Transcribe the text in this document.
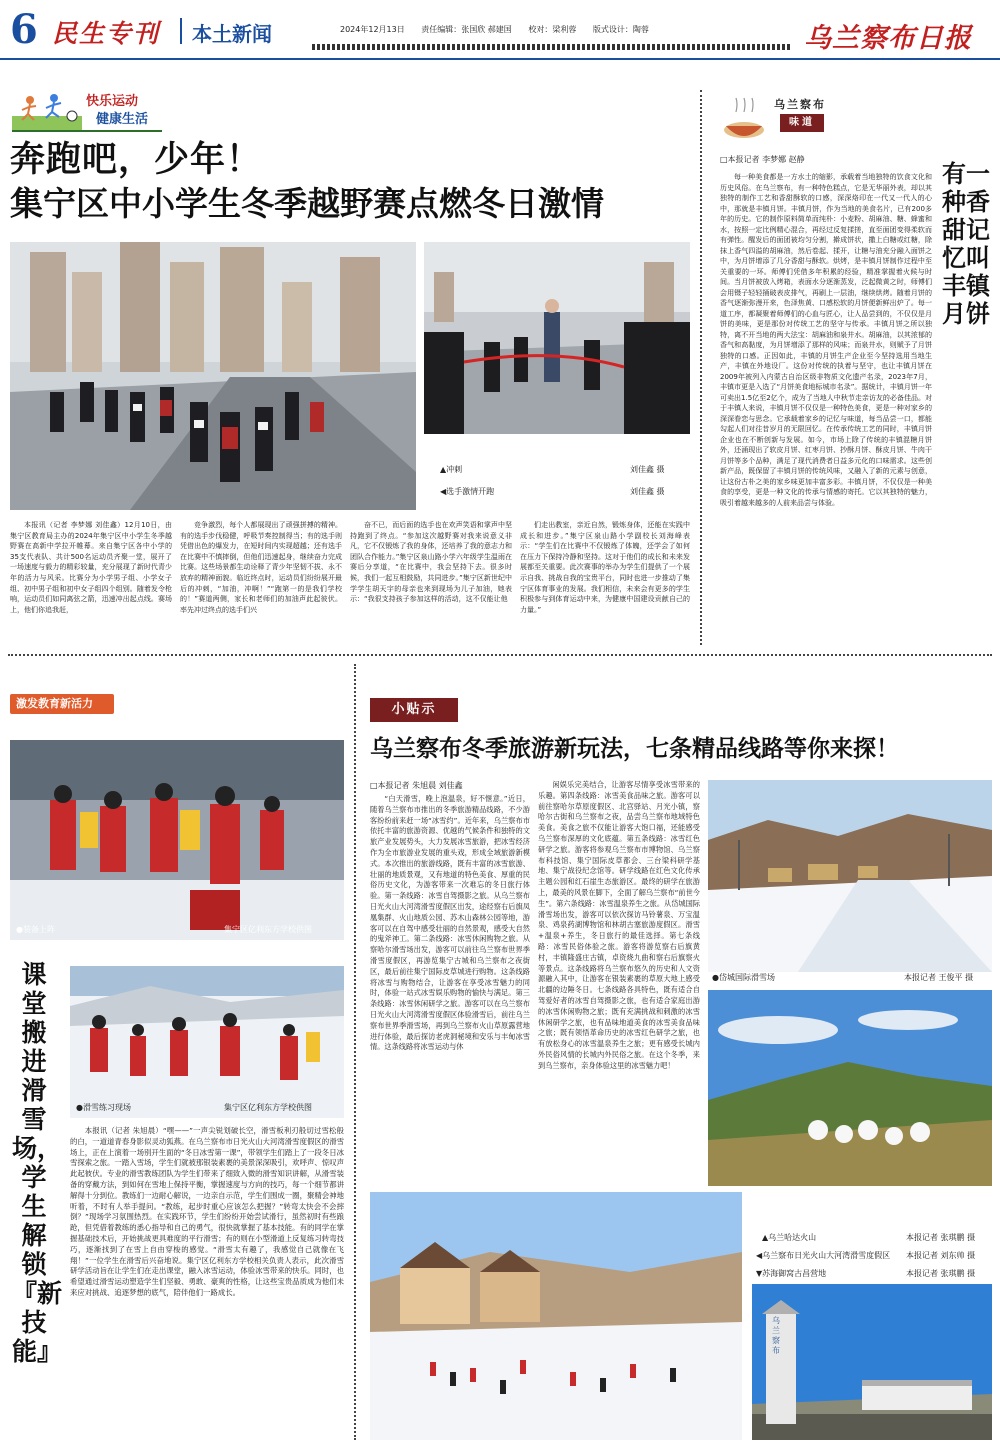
6 民生专刊 本土新闻	2024年12月13日 责任编辑：张国欣 郝建国 校对：梁利蓉 版式设计：陶蓉	乌兰察布日报
快乐运动
健康生活
奔跑吧，少年！
集宁区中小学生冬季越野赛点燃冬日激情
▲冲刺	刘佳鑫 摄
◀选手激情开跑	刘佳鑫 摄

本报讯（记者 李梦娜 刘佳鑫）12月10日，由集宁区教育局主办的2024年集宁区中小学生冬季越野赛在高新中学拉开帷幕。来自集宁区各中小学的35支代表队、共计500名运动员齐聚一堂，展开了一场速度与毅力的精彩较量，充分展现了新时代青少年的活力与风采。比赛分为小学男子组、小学女子组、初中男子组和初中女子组四个组别。随着发令枪响，运动员们如同离弦之箭，迅速冲出起点线。赛场上，他们你追我赶，

竞争激烈，每个人都展现出了顽强拼搏的精神。有的选手步伐稳健，呼吸节奏控制得当；有的选手则凭借出色的爆发力，在短时间内实现超越；还有选手在比赛中不慎摔倒，但他们迅速起身，继续奋力完成比赛。这些场景都生动诠释了青少年坚韧不拔、永不放弃的精神面貌。临近终点时，运动员们纷纷展开最后的冲刺，“加油，冲啊！”“跑第一的是我们学校的！”赛道两侧，家长和老师们的加油声此起彼伏。率先冲过终点的选手们兴

奋不已，而后面的选手也在欢声笑语和掌声中坚持跑到了终点。“参加这次越野赛对我来说意义非凡，它不仅锻炼了我的身体，还培养了我的意志力和团队合作能力。”集宁区泉山路小学六年级学生温雨在赛后分享道，“在比赛中，我会坚持下去。很多时候，我们一起互相鼓励，共同进步。”集宁区新世纪中学学生胡天宇的母亲也来到现场为儿子加油，她表示：“我很支持孩子参加这样的活动，这不仅能让他

们走出教室，亲近自然，锻炼身体，还能在实践中成长和进步。”集宁区泉山路小学副校长刘海峰表示：“学生们在比赛中不仅锻炼了体魄，还学会了如何在压力下保持冷静和坚持。这对于他们的成长和未来发展都至关重要。此次赛事的举办为学生们提供了一个展示自我、挑战自我的宝贵平台，同时也进一步推动了集宁区体育事业的发展。我们相信，未来会有更多的学生积极参与到体育运动中来，为健康中国建设贡献自己的力量。”

乌兰察布
味道
□本报记者 李梦娜 赵静

每一种美食都是一方水土的缩影，承载着当地独特的饮食文化和历史风俗。在乌兰察布，有一种特色糕点，它是无华丽外表，却以其独特的制作工艺和香甜酥软的口感，深深烙印在一代又一代人的心中，那就是丰镇月饼。丰镇月饼，作为当地的美食名片，已有200多年的历史。它的制作原料简单而纯朴：小麦粉、胡麻油、糖、蜂蜜和水，按照一定比例精心混合，再经过反复揉搓，直至面团变得柔软而有弹性。醒发后的面团被均匀分割，擀成饼状，撒上白糖或红糖，除抹上香气四溢的胡麻油，然后卷起、揉开，让糖与油充分融入面饼之中，为月饼增添了几分香甜与酥软。烘烤，是丰镇月饼制作过程中至关重要的一环。师傅们凭借多年积累的经验，精准掌握着火候与时间。当月饼被放入烤箱，表面水分逐渐蒸发，泛起微黄之时，师傅们会用镊子轻轻捅破表皮排气，再刷上一层油，继续烘烤。随着月饼的香气逐渐弥漫开来，色泽焦黄、口感松软的月饼便新鲜出炉了。每一道工序，都凝聚着师傅们的心血与匠心，让人品尝到的，不仅仅是月饼的美味，更是那份对传统工艺的坚守与传承。丰镇月饼之所以独特，离不开当地的两大法宝：胡麻油和泉井水。胡麻油，以其浓郁的香气和高黏度，为月饼增添了那样的风味；而泉井水，则赋予了月饼独特的口感。正因如此，丰镇的月饼生产企业至今坚持选用当地生产，丰镇在外地设厂。这份对传统的执着与坚守，也让丰镇月饼在2009年被列入内蒙古自治区级非物质文化遗产名录，2023年7月，丰镇市更是入选了“月饼美食地标城市名录”。据统计，丰镇月饼一年可卖出1.5亿至2亿个，成为了当地人中秋节走亲访友的必备佳品。对于丰镇人来说，丰镇月饼不仅仅是一种特色美食，更是一种对家乡的深深眷恋与思念。它承载着家乡的记忆与味道，每当品尝一口，都能勾起人们对往昔岁月的无限回忆。在传承传统工艺的同时，丰镇月饼企业也在不断创新与发展。如今，市场上除了传统的丰镇混糖月饼外，还涌现出了软皮月饼、红枣月饼、抄酥月饼、酥皮月饼、牛肉干月饼等多个品种，满足了现代消费者日益多元化的口味需求。这些创新产品，既保留了丰镇月饼的传统风味，又融入了新的元素与创意，让这份古朴之美的家乡味更加丰富多彩。丰镇月饼，不仅仅是一种美食的享受，更是一种文化的传承与情感的寄托。它以其独特的魅力，吸引着越来越多的人前来品尝与体验。

有一种香甜记忆叫丰镇月饼
激发教育新活力
●装备上阵	集宁区亿利东方学校供图
课堂搬进滑雪场，学生解锁『新技能』
●滑雪练习现场	集宁区亿利东方学校供图

本报讯（记者 朱旭晨）“嘿——”一声尖锐划破长空，滑雪板利刃般切过雪松般的白，一道道青春身影似灵动狐燕。在乌兰察布市日光火山大河湾滑雪度假区的滑雪场上，正在上演着一场别开生面的“冬日冰雪第一课”，带领学生们踏上了一段冬日冰雪探索之旅。一踏入雪场，学生们就被那银装素裹的美景深深吸引，欢呼声、惊叹声此起彼伏。专业的滑雪教练团队为学生们带来了细致入微的滑雪知识讲解，从滑雪装备的穿戴方法，到如何在雪地上保持平衡，掌握速度与方向的技巧，每一个细节都讲解得十分到位。教练们一边耐心解说，一边亲自示范，学生们围成一圈，聚精会神地听着，不时有人举手提问。“教练，起步时重心应该怎么把握？”转弯太快会不会摔倒？”现场学习氛围热烈。在实践环节，学生们纷纷开始尝试滑行，虽然初时有些踉跄，但凭借着教练的悉心指导和自己的勇气，很快就掌握了基本技能。有的同学在掌握基础技术后，开始挑战更具难度的平行滑雪；有的则在小型滑道上反复练习转弯技巧，逐渐找到了在雪上自由穿梭的感觉。“滑雪太有趣了，我感觉自己就像在飞翔！”一位学生在滑雪后兴奋地说。集宁区亿利东方学校相关负责人表示，此次滑雪研学活动旨在让学生们在走出课堂，融入冰雪运动，体验冰雪带来的快乐。同时，也希望通过滑雪运动塑造学生们坚毅、勇敢、豪爽的性格，让这些宝贵品质成为他们未来应对挑战、追逐梦想的底气，陪伴他们一路成长。

小贴示
乌兰察布冬季旅游新玩法，七条精品线路等你来探！
□本报记者 朱旭晨 刘佳鑫

“白天滑雪，晚上泡温泉，好不惬意。”近日，随着乌兰察布市推出的冬季旅游精品线路，不少游客纷纷前来赶一场“冰雪约”。近年来，乌兰察布市依托丰富的旅游资源、优越的气候条件和独特的文旅产业发展势头，大力发展冰雪旅游，把冰雪经济作为全市旅游业发展的重头戏，形成全域旅游新模式。本次推出的旅游线路，既有丰富的冰雪旅游、壮丽的地质景观，又有地道的特色美食、厚重的民俗历史文化，为游客带来一次难忘的冬日旅行体验。第一条线路：冰雪自驾摄影之旅。从乌兰察布日光火山大河湾滑雪度假区出发，途经察右后旗凤凰集群、火山地质公园、苏木山森林公园等地，游客可以在自驾中感受壮丽的自然景观，感受大自然的鬼斧神工。第二条线路：冰雪休闲购物之旅。从察哈尔滑雪场出发，游客可以前往乌兰察布世界季滑雪度假区，再游览集宁古城和乌兰察布之夜街区，最后前往集宁国际皮草城进行购物。这条线路将冰雪与购物结合，让游客在享受冰雪魅力的同时，体验一站式冰雪娱乐购物的愉快与满足。第三条线路：冰雪休闲研学之旅。游客可以在乌兰察布日光火山大河湾滑雪度假区体验滑雪后，前往乌兰察布世界季滑雪场，再到乌兰察布火山草原露营地进行体验，最后探访老虎洞秘境和安乐与丰甸冰雪情。这条线路将冰雪运动与休

闲娱乐完美结合，让游客尽情享受冰雪带来的乐趣。第四条线路：冰雪美食品味之旅。游客可以前往察哈尔草原度假区、北宫驿站、月光小镇，察哈尔古街和乌兰察布之夜，品尝乌兰察布地域特色美食。美食之旅不仅能让游客大饱口福，还能感受乌兰察布深厚的文化底蕴。第五条线路：冰雪红色研学之旅。游客将参观乌兰察布市博物馆、乌兰察布科技馆、集宁国际皮草都会、三台梁科研学基地、集宁战役纪念馆等。研学线路在红色文化传承主题公园和红石崖生态旅游区。最终的研学在旅游上，最美的风景在脚下，全面了解乌兰察布“前世今生”。第六条线路：冰雪温泉养生之旅。从岱城国际滑雪场出发，游客可以依次探访马铃薯泉、万宝温泉、鸡泉药湖博物馆和林胡古塞旅游度假区。滑雪+温泉+养生，冬日旅行的最佳选择。第七条线路：冰雪民俗体验之旅。游客将游览察右后旗黄村，丰镇隆盛庄古镇，卓资烧九曲和察右后旗察火等景点。这条线路将乌兰察布悠久的历史和人文资源融入其中，让游客在银装素裹的草原大地上感受北疆的边陲冬日。七条线路各具特色，既有适合自驾爱好者的冰雪自驾摄影之旅，也有适合家庭出游的冰雪休闲购物之旅；既有充满挑战和刺激的冰雪休闲研学之旅，也有品味地道美食的冰雪美食品味之旅；既有领悟革命历史的冰雪红色研学之旅，也有放松身心的冰雪温泉养生之旅；更有感受长城内外民俗风情的长城内外民俗之旅。在这个冬季，来到乌兰察布，亲身体验这里的冰雪魅力吧！

●岱城国际滑雪场	本报记者 王俊平 摄
▲乌兰哈达火山	本报记者 张琪鹏 摄
◀乌兰察布日光火山大河湾滑雪度假区 本报记者 刘东帅 摄
▼苏海御窝古昌营地	本报记者 张琪鹏 摄
乌兰察布
